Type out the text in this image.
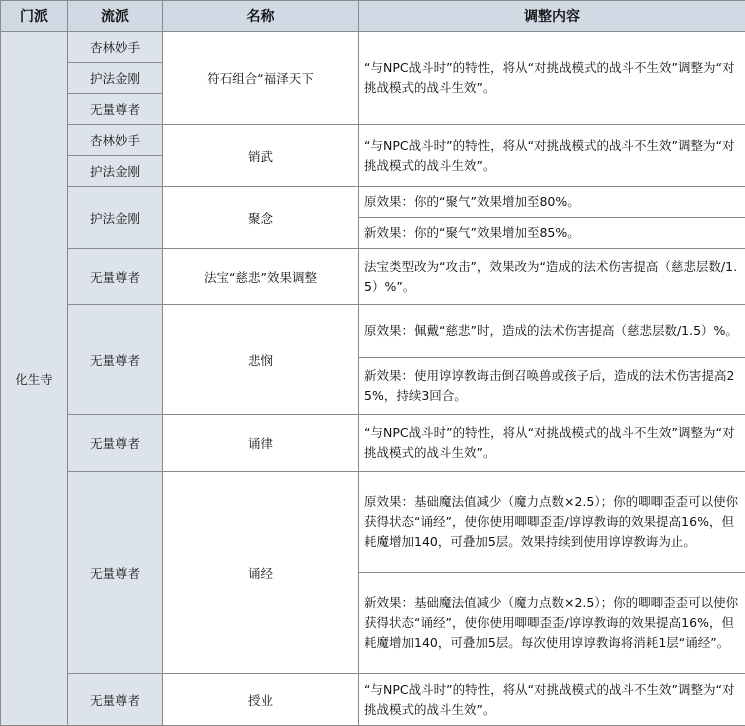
门派	流派	名称	调整内容
化生寺	杏林妙手	符石组合“福泽天下	“与NPC战斗时”的特性，将从“对挑战模式的战斗不生效”调整为“对挑战模式的战斗生效”。

	护法金刚		
	无量尊者		
	杏林妙手	销武	“与NPC战斗时”的特性，将从“对挑战模式的战斗不生效”调整为“对挑战模式的战斗生效”。

	护法金刚		
	护法金刚	聚念	原效果：你的“聚气”效果增加至80%。

			新效果：你的“聚气”效果增加至85%。

	无量尊者	法宝“慈悲”效果调整	法宝类型改为“攻击”，效果改为“造成的法术伤害提高（慈悲层数/1.5）%”。

	无量尊者	悲悯	原效果：佩戴“慈悲”时，造成的法术伤害提高（慈悲层数/1.5）%。

			新效果：使用谆谆教诲击倒召唤兽或孩子后，造成的法术伤害提高25%，持续3回合。

	无量尊者	诵律	“与NPC战斗时”的特性，将从“对挑战模式的战斗不生效”调整为“对挑战模式的战斗生效”。

	无量尊者	诵经	原效果：基础魔法值减少（魔力点数×2.5）；你的唧唧歪歪可以使你获得状态“诵经”，使你使用唧唧歪歪/谆谆教诲的效果提高16%，但耗魔增加140，可叠加5层。效果持续到使用谆谆教诲为止。

			新效果：基础魔法值减少（魔力点数×2.5）；你的唧唧歪歪可以使你获得状态“诵经”，使你使用唧唧歪歪/谆谆教诲的效果提高16%，但耗魔增加140，可叠加5层。每次使用谆谆教诲将消耗1层“诵经”。

	无量尊者	授业	“与NPC战斗时”的特性，将从“对挑战模式的战斗不生效”调整为“对挑战模式的战斗生效”。
